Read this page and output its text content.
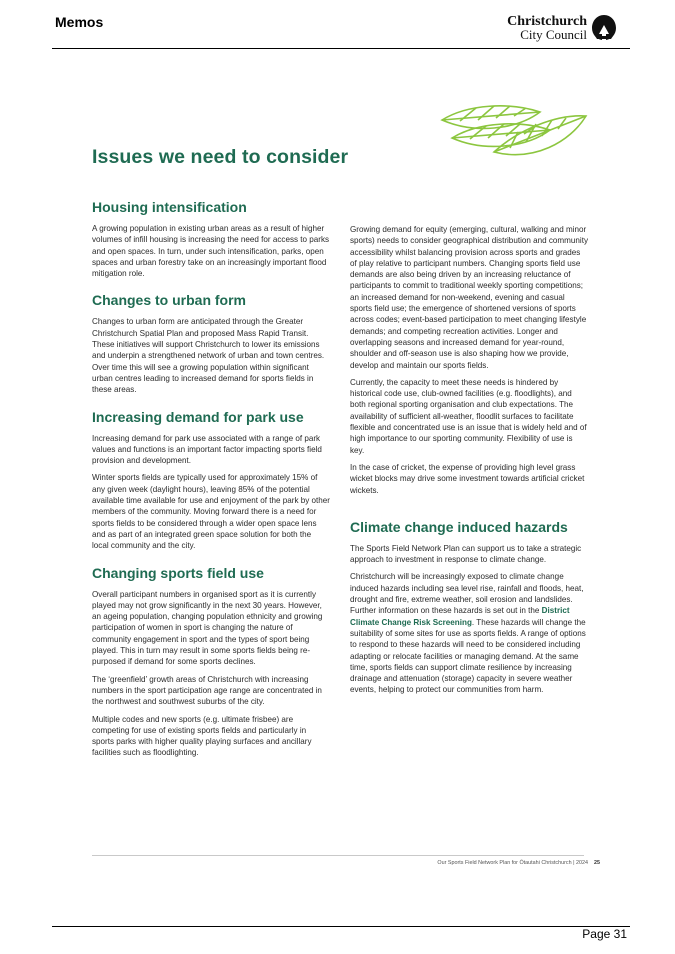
Memos	Christchurch
City Council
Issues we need to consider
Housing intensification

A growing population in existing urban areas as a result of higher volumes of infill housing is increasing the need for access to parks and open spaces. In turn, under such intensification, parks, open spaces and urban forestry take on an increasingly important flood mitigation role.

Changes to urban form

Changes to urban form are anticipated through the Greater Christchurch Spatial Plan and proposed Mass Rapid Transit. These initiatives will support Christchurch to lower its emissions and underpin a strengthened network of urban and town centres. Over time this will see a growing population within significant urban centres leading to increased demand for sports fields in these areas.

Increasing demand for park use

Increasing demand for park use associated with a range of park values and functions is an important factor impacting sports field provision and development.

Winter sports fields are typically used for approximately 15% of any given week (daylight hours), leaving 85% of the potential available time available for use and enjoyment of the park by other members of the community. Moving forward there is a need for sports fields to be considered through a wider open space lens and as part of an integrated green space solution for both the local community and the city.

Changing sports field use

Overall participant numbers in organised sport as it is currently played may not grow significantly in the next 30 years. However, an ageing population, changing population ethnicity and growing participation of women in sport is changing the nature of community engagement in sport and the types of sport being played. This in turn may result in some sports fields being re-purposed if demand for some sports declines.

The ‘greenfield’ growth areas of Christchurch with increasing numbers in the sport participation age range are concentrated in the northwest and southwest suburbs of the city.

Multiple codes and new sports (e.g. ultimate frisbee) are competing for use of existing sports fields and particularly in sports parks with higher quality playing surfaces and ancillary facilities such as floodlighting.

Growing demand for equity (emerging, cultural, walking and minor sports) needs to consider geographical distribution and community accessibility whilst balancing provision across sports and grades of play relative to participant numbers. Changing sports field use demands are also being driven by an increasing reluctance of participants to commit to traditional weekly sporting competitions; an increased demand for non-weekend, evening and casual sports field use; the emergence of shortened versions of sports across codes; event-based participation to meet changing lifestyle demands; and competing recreation activities. Longer and overlapping seasons and increased demand for year-round, shoulder and off-season use is also shaping how we provide, develop and maintain our sports fields.

Currently, the capacity to meet these needs is hindered by historical code use, club-owned facilities (e.g. floodlights), and both regional sporting organisation and club expectations. The availability of sufficient all-weather, floodlit surfaces to facilitate flexible and concentrated use is an issue that is widely held and of high importance to our sporting community. Flexibility of use is key.

In the case of cricket, the expense of providing high level grass wicket blocks may drive some investment towards artificial cricket wickets.

Climate change induced hazards

The Sports Field Network Plan can support us to take a strategic approach to investment in response to climate change.

Christchurch will be increasingly exposed to climate change induced hazards including sea level rise, rainfall and floods, heat, drought and fire, extreme weather, soil erosion and landslides. Further information on these hazards is set out in the District Climate Change Risk Screening. These hazards will change the suitability of some sites for use as sports fields. A range of options to respond to these hazards will need to be considered including adapting or relocate facilities or managing demand. At the same time, sports fields can support climate resilience by increasing drainage and attenuation (storage) capacity in severe weather events, helping to protect our communities from harm.

Our Sports Field Network Plan for Ōtautahi Christchurch | 2024 25
Page 31
